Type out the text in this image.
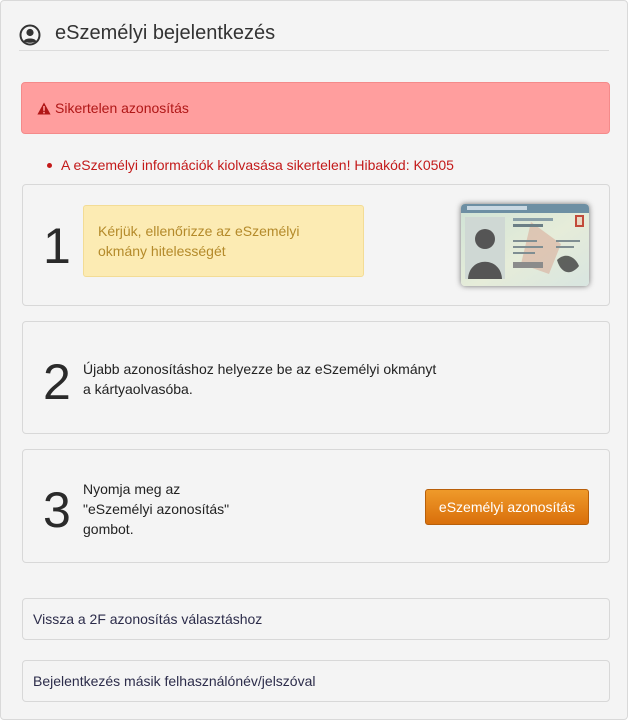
eSzemélyi bejelentkezés
Sikertelen azonosítás
A eSzemélyi információk kiolvasása sikertelen! Hibakód: K0505
1 Kérjük, ellenőrizze az eSzemélyi
okmány hitelességét
2 Újabb azonosításhoz helyezze be az eSzemélyi okmányt
a kártyaolvasóba.
3 Nyomja meg az
"eSzemélyi azonosítás"
gombot.
eSzemélyi azonosítás
Vissza a 2F azonosítás választáshoz
Bejelentkezés másik felhasználónév/jelszóval
